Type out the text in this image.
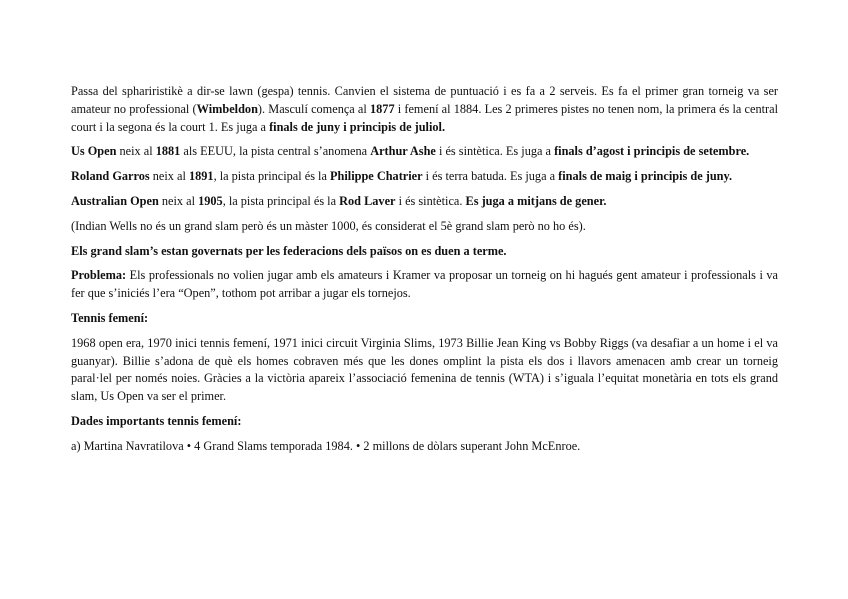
Passa del sphariristikè a dir-se lawn (gespa) tennis. Canvien el sistema de puntuació i es fa a 2 serveis. Es fa el primer gran torneig va ser amateur no professional (Wimbeldon). Masculí comença al 1877 i femení al 1884. Les 2 primeres pistes no tenen nom, la primera és la central court i la segona és la court 1. Es juga a finals de juny i principis de juliol.

Us Open neix al 1881 als EEUU, la pista central s’anomena Arthur Ashe i és sintètica. Es juga a finals d’agost i principis de setembre.

Roland Garros neix al 1891, la pista principal és la Philippe Chatrier i és terra batuda. Es juga a finals de maig i principis de juny.

Australian Open neix al 1905, la pista principal és la Rod Laver i és sintètica. Es juga a mitjans de gener.

(Indian Wells no és un grand slam però és un màster 1000, és considerat el 5è grand slam però no ho és).

Els grand slam’s estan governats per les federacions dels països on es duen a terme.

Problema: Els professionals no volien jugar amb els amateurs i Kramer va proposar un torneig on hi hagués gent amateur i professionals i va fer que s’iniciés l’era “Open”, tothom pot arribar a jugar els tornejos.

Tennis femení:

1968 open era, 1970 inici tennis femení, 1971 inici circuit Virginia Slims, 1973 Billie Jean King vs Bobby Riggs (va desafiar a un home i el va guanyar). Billie s’adona de què els homes cobraven més que les dones omplint la pista els dos i llavors amenacen amb crear un torneig paral·lel per només noies. Gràcies a la victòria apareix l’associació femenina de tennis (WTA) i s’iguala l’equitat monetària en tots els grand slam, Us Open va ser el primer.

Dades importants tennis femení:

a) Martina Navratilova • 4 Grand Slams temporada 1984. • 2 millons de dòlars superant John McEnroe.
